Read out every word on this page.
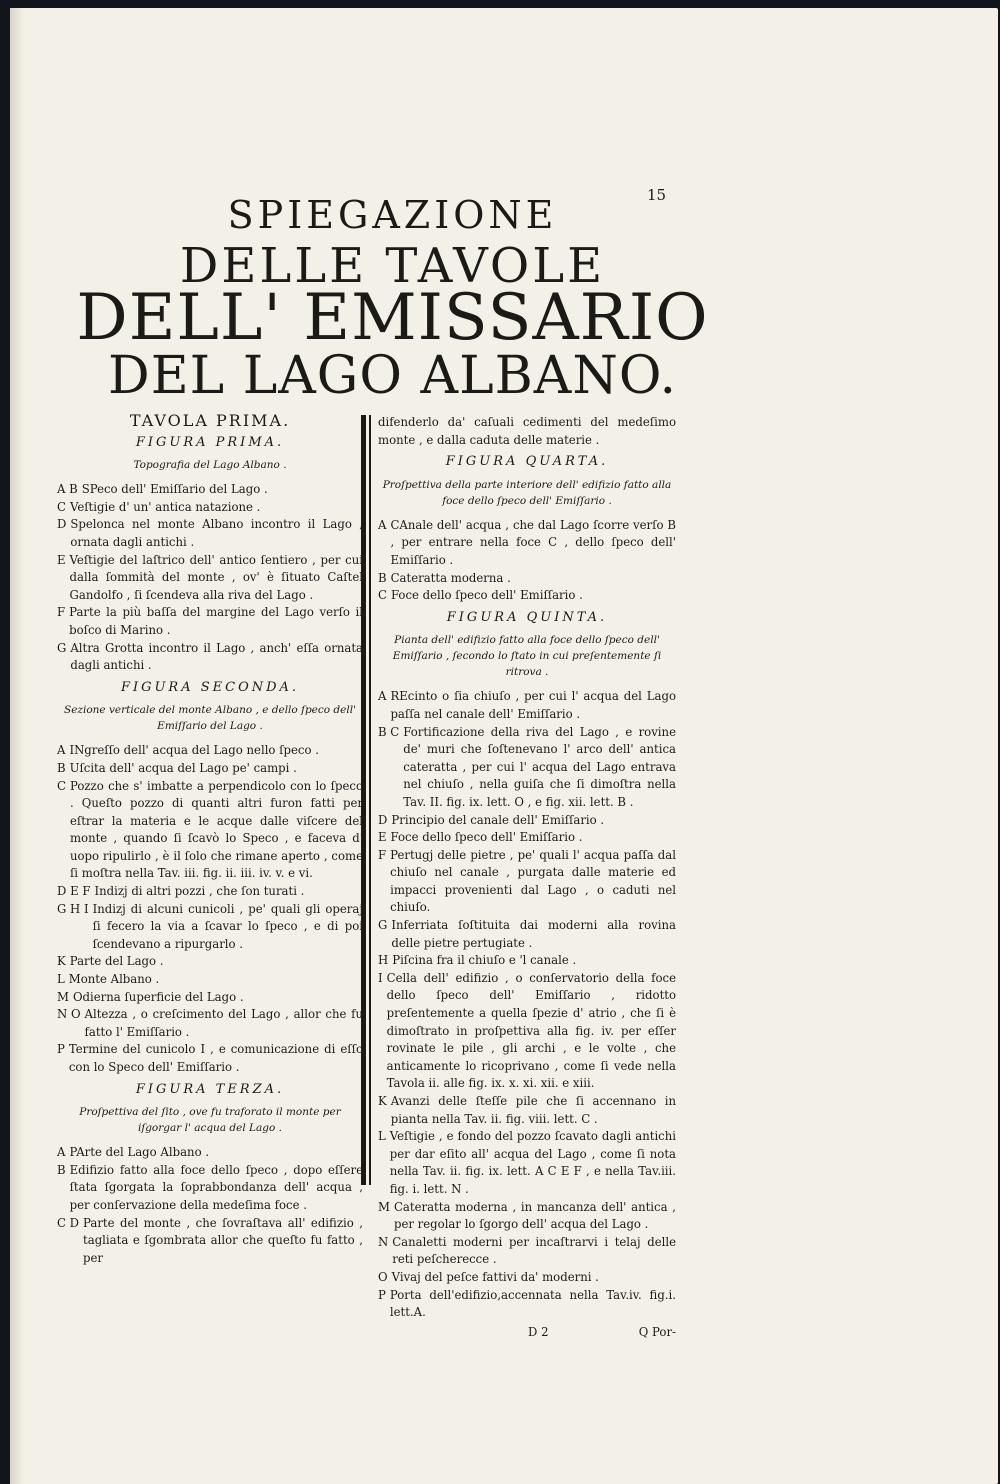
15
SPIEGAZIONE
DELLE TAVOLE
DELL' EMISSARIO
DEL LAGO ALBANO.
TAVOLA PRIMA.
FIGURA PRIMA.
Topografia del Lago Albano .
A B SPeco dell' Emiſſario del Lago .
C Veſtigie d' un' antica natazione .
D Spelonca nel monte Albano incontro il Lago , ornata dagli antichi .
E Veſtigie del laſtrico dell' antico ſentiero , per cui dalla ſommità del monte , ov' è ſituato Caſtel Gandolfo , ſi ſcendeva alla riva del Lago .
F Parte la più baſſa del margine del Lago verſo il boſco di Marino .
G Altra Grotta incontro il Lago , anch' eſſa ornata dagli antichi .
FIGURA SECONDA.
Sezione verticale del monte Albano , e dello ſpeco dell' Emiſſario del Lago .
A INgreſſo dell' acqua del Lago nello ſpeco .
B Uſcita dell' acqua del Lago pe' campi .
C Pozzo che s' imbatte a perpendicolo con lo ſpeco . Queſto pozzo di quanti altri furon fatti per eſtrar la materia e le acque dalle viſcere del monte , quando ſi ſcavò lo Speco , e faceva d' uopo ripulirlo , è il ſolo che rimane aperto , come ſi moſtra nella Tav. iii. fig. ii. iii. iv. v. e vi.
D E F Indizj di altri pozzi , che ſon turati .
G H I Indizj di alcuni cunicoli , pe' quali gli operaj ſi fecero la via a ſcavar lo ſpeco , e di poi ſcendevano a ripurgarlo .
K Parte del Lago .
L Monte Albano .
M Odierna ſuperficie del Lago .
N O Altezza , o creſcimento del Lago , allor che fu fatto l' Emiſſario .
P Termine del cunicolo I , e comunicazione di eſſo con lo Speco dell' Emiſſario .
FIGURA TERZA.
Proſpettiva del ſito , ove fu traforato il monte per iſgorgar l' acqua del Lago .
A PArte del Lago Albano .
B Edifizio fatto alla foce dello ſpeco , dopo eſſere ſtata ſgorgata la ſoprabbondanza dell' acqua , per conſervazione della medeſima foce .
C D Parte del monte , che ſovraſtava all' edifizio , tagliata e ſgombrata allor che queſto fu fatto , per
difenderlo da' caſuali cedimenti del medeſimo monte , e dalla caduta delle materie .
FIGURA QUARTA.
Proſpettiva della parte interiore dell' edifizio fatto alla foce dello ſpeco dell' Emiſſario .
A CAnale dell' acqua , che dal Lago ſcorre verſo B , per entrare nella foce C , dello ſpeco dell' Emiſſario .
B Cateratta moderna .
C Foce dello ſpeco dell' Emiſſario .
FIGURA QUINTA.
Pianta dell' edifizio fatto alla foce dello ſpeco dell' Emiſſario , ſecondo lo ſtato in cui preſentemente ſi ritrova .
A REcinto o ſia chiuſo , per cui l' acqua del Lago paſſa nel canale dell' Emiſſario .
B C Fortificazione della riva del Lago , e rovine de' muri che ſoſtenevano l' arco dell' antica cateratta , per cui l' acqua del Lago entrava nel chiuſo , nella guiſa che ſi dimoſtra nella Tav. II. fig. ix. lett. O , e fig. xii. lett. B .
D Principio del canale dell' Emiſſario .
E Foce dello ſpeco dell' Emiſſario .
F Pertugj delle pietre , pe' quali l' acqua paſſa dal chiuſo nel canale , purgata dalle materie ed impacci provenienti dal Lago , o caduti nel chiuſo.
G Inferriata ſoſtituita dai moderni alla rovina delle pietre pertugiate .
H Piſcina fra il chiuſo e 'l canale .
I Cella dell' edifizio , o conſervatorio della foce dello ſpeco dell' Emiſſario , ridotto preſentemente a quella ſpezie d' atrio , che ſi è dimoſtrato in proſpettiva alla fig. iv. per eſſer rovinate le pile , gli archi , e le volte , che anticamente lo ricoprivano , come ſi vede nella Tavola ii. alle fig. ix. x. xi. xii. e xiii.
K Avanzi delle ſteſſe pile che ſi accennano in pianta nella Tav. ii. fig. viii. lett. C .
L Veſtigie , e fondo del pozzo ſcavato dagli antichi per dar eſito all' acqua del Lago , come ſi nota nella Tav. ii. fig. ix. lett. A C E F , e nella Tav.iii. fig. i. lett. N .
M Cateratta moderna , in mancanza dell' antica , per regolar lo ſgorgo dell' acqua del Lago .
N Canaletti moderni per incaſtrarvi i telaj delle reti peſcherecce .
O Vivaj del peſce fattivi da' moderni .
P Porta dell'edifizio,accennata nella Tav.iv. fig.i. lett.A.
D 2	Q Por-
